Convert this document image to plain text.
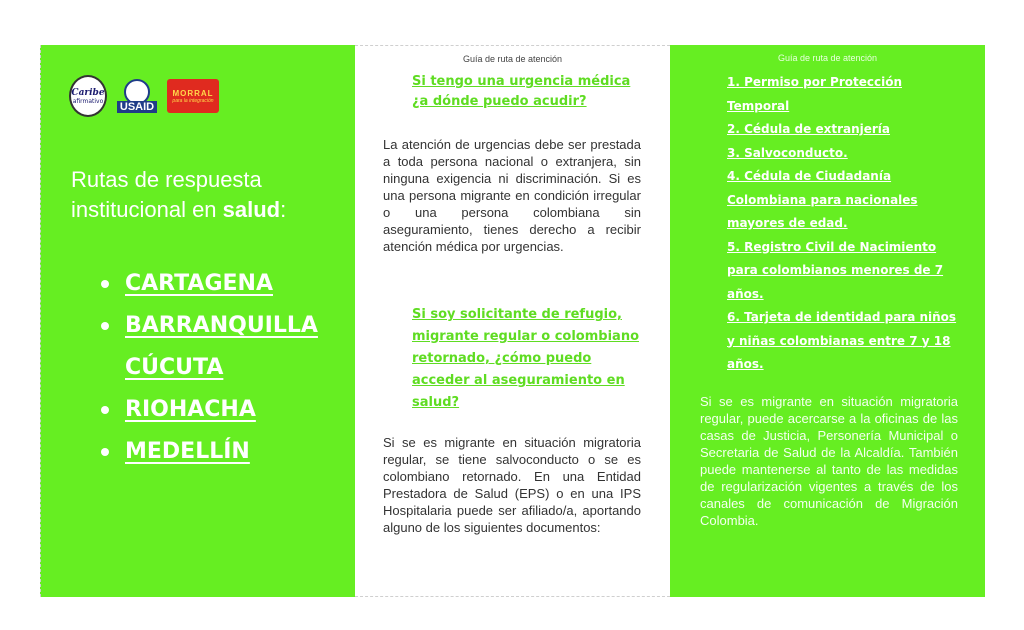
Caribe
afirmativo USAID
MORRAL
para la integración
Rutas de respuesta institucional en salud:
CARTAGENA
BARRANQUILLA
CÚCUTA
RIOHACHA
MEDELLÍN
Guía de ruta de atención
Si tengo una urgencia médica ¿a dónde puedo acudir?
La atención de urgencias debe ser prestada a toda persona nacional o extranjera, sin ninguna exigencia ni discriminación. Si es una persona migrante en condición irregular o una persona colombiana sin aseguramiento, tienes derecho a recibir atención médica por urgencias.
Si soy solicitante de refugio, migrante regular o colombiano retornado, ¿cómo puedo acceder al aseguramiento en salud?
Si se es migrante en situación migratoria regular, se tiene salvoconducto o se es colombiano retornado. En una Entidad Prestadora de Salud (EPS) o en una IPS Hospitalaria puede ser afiliado/a, aportando alguno de los siguientes documentos:
Guía de ruta de atención
1. Permiso por Protección Temporal
2. Cédula de extranjería
3. Salvoconducto.
4. Cédula de Ciudadanía Colombiana para nacionales mayores de edad.
5. Registro Civil de Nacimiento para colombianos menores de 7 años.
6. Tarjeta de identidad para niños y niñas colombianas entre 7 y 18 años.
Si se es migrante en situación migratoria regular, puede acercarse a la oficinas de las casas de Justicia, Personería Municipal o Secretaria de Salud de la Alcaldía. También puede mantenerse al tanto de las medidas de regularización vigentes a través de los canales de comunicación de Migración Colombia.
